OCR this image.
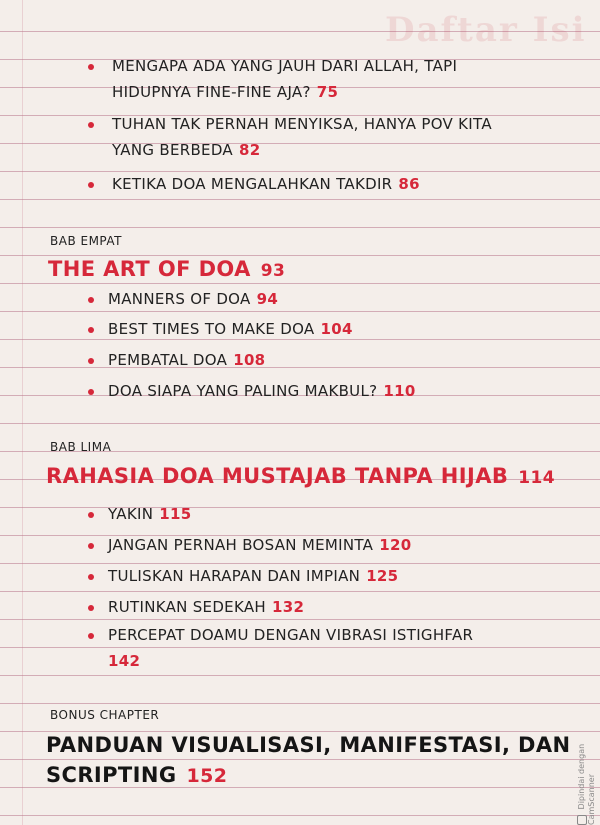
Daftar Isi
MENGAPA ADA YANG JAUH DARI ALLAH, TAPI
HIDUPNYA FINE-FINE AJA? 75
TUHAN TAK PERNAH MENYIKSA, HANYA POV KITA
YANG BERBEDA 82
KETIKA DOA MENGALAHKAN TAKDIR 86
BAB EMPAT
THE ART OF DOA 93
MANNERS OF DOA 94
BEST TIMES TO MAKE DOA 104
PEMBATAL DOA 108
DOA SIAPA YANG PALING MAKBUL? 110
BAB LIMA
RAHASIA DOA MUSTAJAB TANPA HIJAB 114
YAKIN 115
JANGAN PERNAH BOSAN MEMINTA 120
TULISKAN HARAPAN DAN IMPIAN 125
RUTINKAN SEDEKAH 132
PERCEPAT DOAMU DENGAN VIBRASI ISTIGHFAR
142
BONUS CHAPTER
PANDUAN VISUALISASI, MANIFESTASI, DAN
SCRIPTING 152	Dipindai dengan CamScanner
